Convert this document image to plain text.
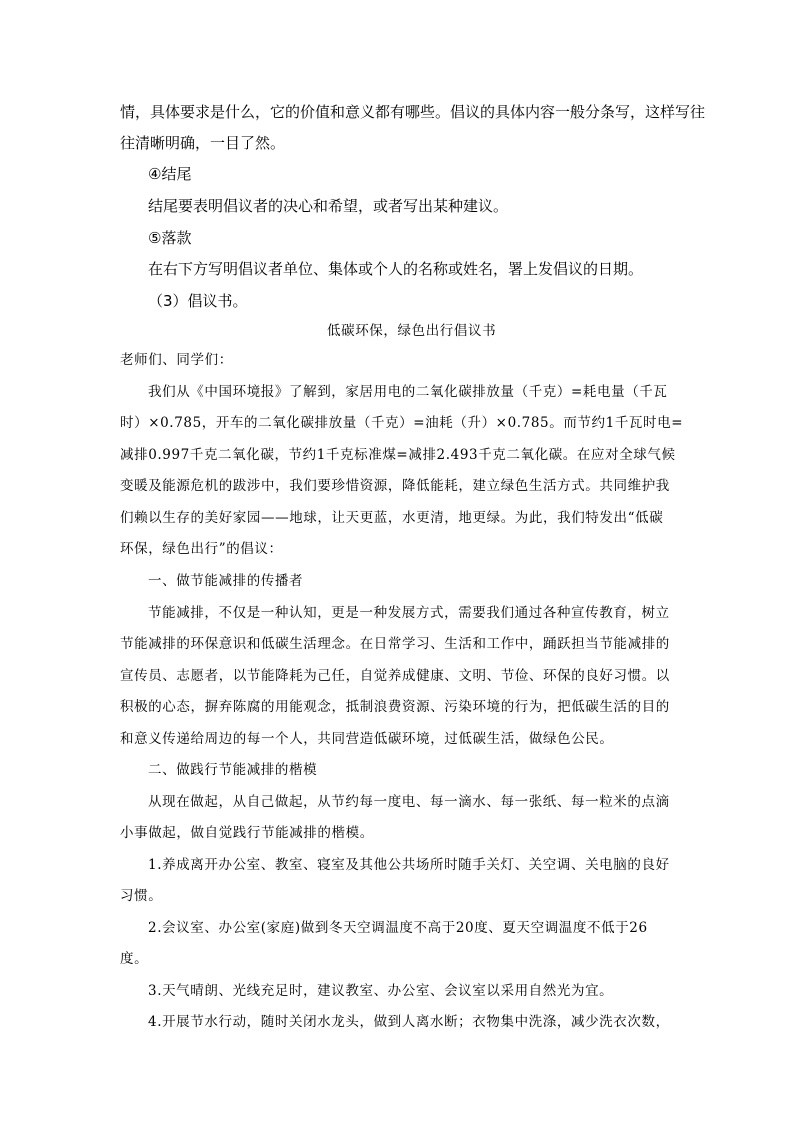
情，具体要求是什么，它的价值和意义都有哪些。倡议的具体内容一般分条写，这样写往
往清晰明确，一目了然。
④结尾
结尾要表明倡议者的决心和希望，或者写出某种建议。
⑤落款
在右下方写明倡议者单位、集体或个人的名称或姓名，署上发倡议的日期。
（3）倡议书。
低碳环保，绿色出行倡议书
老师们、同学们：
我们从《中国环境报》了解到，家居用电的二氧化碳排放量（千克）=耗电量（千瓦
时）×0.785，开车的二氧化碳排放量（千克）=油耗（升）×0.785。而节约1千瓦时电=
减排0.997千克二氧化碳，节约1千克标准煤=减排2.493千克二氧化碳。在应对全球气候
变暖及能源危机的跋涉中，我们要珍惜资源，降低能耗，建立绿色生活方式。共同维护我
们赖以生存的美好家园——地球，让天更蓝，水更清，地更绿。为此，我们特发出“低碳
环保，绿色出行”的倡议：
一、做节能减排的传播者
节能减排，不仅是一种认知，更是一种发展方式，需要我们通过各种宣传教育，树立
节能减排的环保意识和低碳生活理念。在日常学习、生活和工作中，踊跃担当节能减排的
宣传员、志愿者，以节能降耗为己任，自觉养成健康、文明、节俭、环保的良好习惯。以
积极的心态，摒弃陈腐的用能观念，抵制浪费资源、污染环境的行为，把低碳生活的目的
和意义传递给周边的每一个人，共同营造低碳环境，过低碳生活，做绿色公民。
二、做践行节能减排的楷模
从现在做起，从自己做起，从节约每一度电、每一滴水、每一张纸、每一粒米的点滴
小事做起，做自觉践行节能减排的楷模。
1.养成离开办公室、教室、寝室及其他公共场所时随手关灯、关空调、关电脑的良好
习惯。
2.会议室、办公室(家庭)做到冬天空调温度不高于20度、夏天空调温度不低于26
度。
3.天气晴朗、光线充足时，建议教室、办公室、会议室以采用自然光为宜。
4.开展节水行动，随时关闭水龙头，做到人离水断；衣物集中洗涤，减少洗衣次数，
